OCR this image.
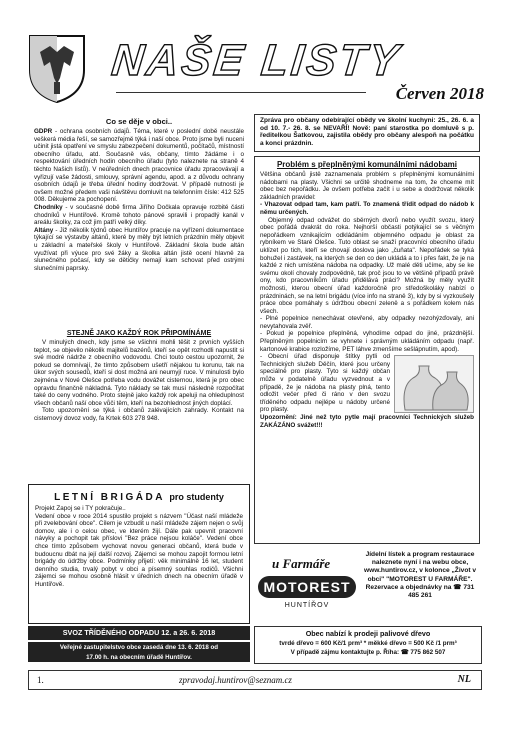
NAŠE LISTY
Červen 2018
Co se děje v obci..

GDPR - ochrana osobních údajů. Téma, které v poslední době neustále veškerá média řeší, se samozřejmě týká i naší obce. Proto jsme byli nuceni učinit jistá opatření ve smyslu zabezpečení dokumentů, počítačů, místností obecního úřadu, atd. Současně vás, občany, tímto žádáme i o respektování úředních hodin obecního úřadu (tyto naleznete na straně 4 těchto Našich listů). V neúředních dnech pracovnice úřadu zpracovávají a vyřizují vaše žádosti, smlouvy, správní agendu, apod. a z důvodu ochrany osobních údajů je třeba úřední hodiny dodržovat. V případě nutnosti je ovšem možné předem vaši návštěvu domluvit na telefonním čísle: 412 525 008. Děkujeme za pochopení.

Chodníky - v současné době firma Jiřího Dočkala opravuje rozbité části chodníků v Huntířově. Kromě tohoto pánové spravili i propadlý kanál v areálu školky, za což jim patří velký díky.

Altány - Již několik týdnů obec Huntířov pracuje na vyřízení dokumentace týkající se výstavby altánů, které by měly být letních prázdnin měly objevit u základní a mateřské školy v Huntířově. Základní škola bude altán využívat při výuce pro své žáky a školka altán jistě ocení hlavně za slunečného počasí, kdy se dětičky nemají kam schovat před ostrými slunečními paprsky.

STEJNĚ JAKO KAŽDÝ ROK PŘIPOMÍNÁME

V minulých dnech, kdy jsme se všichni mohli těšit z prvních vyšších teplot, se objevilo několik majitelů bazénů, kteří se opět rozhodli napustit si své modré nádrže z obecního vodovodu. Chci touto cestou upozornit, že pokud se domnívají, že tímto způsobem ušetří nějakou tu korunu, tak na úkor svých sousedů, kteří si dost možná ani neumyjí ruce. V minulosti bylo zejména v Nové Olešce potřeba vodu dovážet cisternou, která je pro obec opravdu finančně nákladná. Tyto náklady se tak musí následně rozpočítat také do ceny vodného. Proto stejně jako každý rok apeluji na ohleduplnost všech občanů naší obce vůči těm, kteří na bezohlednost jiných doplácí.

Toto upozornění se týká i občanů zalévajících zahrady. Kontakt na cisternový dovoz vody, fa Krtek 603 278 948.

LETNÍ BRIGÁDA pro studenty

Projekt Zapoj se i TY pokračuje..

Vedení obce v roce 2014 spustilo projekt s názvem "Účast naší mládeže při zvelebování obce". Cílem je vzbudit u naší mládeže zájem nejen o svůj domov, ale i o celou obec, ve kterém žijí. Dále pak upevnit pracovní návyky a pochopit tak příslovi "Bez práce nejsou koláče". Vedení obce chce tímto způsobem vychovat novou generaci občanů, která bude v budoucnu dbát na její další rozvoj. Zájemci se mohou zapojit formou letní brigády do údržby obce. Podmínky přijetí: věk minimálně 16 let, student denního studia, trvalý pobyt v obci a písemný souhlas rodičů. Všichni zájemci se mohou osobně hlásit v úředních dnech na obecním úřadě v Huntířově.

SVOZ TŘÍDĚNÉHO ODPADU 12. a 26. 6. 2018
Veřejné zastupitelstvo obce zasedá dne 13. 6. 2018 od
17.00 h. na obecním úřadě Huntířov.

Zpráva pro občany odebírající obědy ve školní kuchyni: 25., 26. 6. a od 10. 7.- 26. 8. se NEVAŘÍ! Nově: paní starostka po domluvě s p. ředitelkou Šatkovou, zajistila obědy pro občany alespoň na počátku a konci prázdnin.

Problém s přeplněnými komunálními nádobami

Většina občanů jistě zaznamenala problém s přeplněnými komunálními nádobami na plasty. Všichni se určitě shodneme na tom, že chceme mít obec bez nepořádku. Je ovšem potřeba začít i u sebe a dodržovat několik základních pravidel:

- Vhazovat odpad tam, kam patří. To znamená třídit odpad do nádob k němu určených.

Objemný odpad odvážet do sběrných dvorů nebo využít svozu, který obec pořádá dvakrát do roka. Nejhorší občasti potýkající se s věčným nepořádkem vznikajícím odkládáním objemného odpadu je oblast za rybníkem ve Staré Olešce. Tuto oblast se snaží pracovníci obecního úřadu uklízet po tich, kteří se chovají doslova jako „čuňata". Nepořádek se tyká bohužel i zastávek, na kterých se den co den ukládá a to i přes fakt, že je na každé z nich umístěna nádoba na odpadky. Už malé děti učíme, aby se ke svému okolí chovaly zodpovědně, tak proč jsou to ve většině případů právě ony, kdo pracovníkům úřadu přidělává práci? Možná by měly využít možnosti, kterou obecní úřad každoročně pro středoškoláky nabízí o prázdninách, se na letní brigádu (více info na straně 3), kdy by si vyzkoušely práce obce pomáhaly s údržbou obecní zeleně a s pořádkem kolem nás všech.

- Plné popelnice nenechávat otevřené, aby odpadky nezohýzďovaly, ani nevytahovala zvěř.

- Pokud je popelnice přeplněná, vyhodíme odpad do jiné, prázdnější. Přeplněným popelnicím se vyhnete i správným ukládáním odpadu (např. kartonové krabice rozložíme, PET láhve zmenšíme sešlápnutím, apod).

- Obecní úřad disponuje štítky pytli od Technických služeb Děčín, které jsou určeny speciálně pro plasty. Tyto si každý občan může v podatelně úřadu vyzvednout a v případě, že je nádoba na plasty plná, tento odložit večer před či ráno v den svozu tříděného odpadu nejlépe u nádoby určené pro plasty.

Upozornění: Jiné než tyto pytle mají pracovníci Technických služeb ZAKÁZÁNO svážet!!!

u Farmáře
MOTOREST
HUNTÍŘOV

Jídelní lístek a program restaurace naleznete nyní i na webu obce, www.huntirov.cz, v kolonce „Život v obci" "MOTOREST U FARMÁŘE". Rezervace a objednávky na ☎ 731 485 261

Obec nabízí k prodeji palivové dřevo
tvrdé dřevo = 600 Kč/1 prm³ * měkké dřevo = 500 Kč /1 prm³
V případě zájmu kontaktujte p. Říha: ☎ 775 862 507
1.	zpravodaj.huntirov@seznam.cz	NL
